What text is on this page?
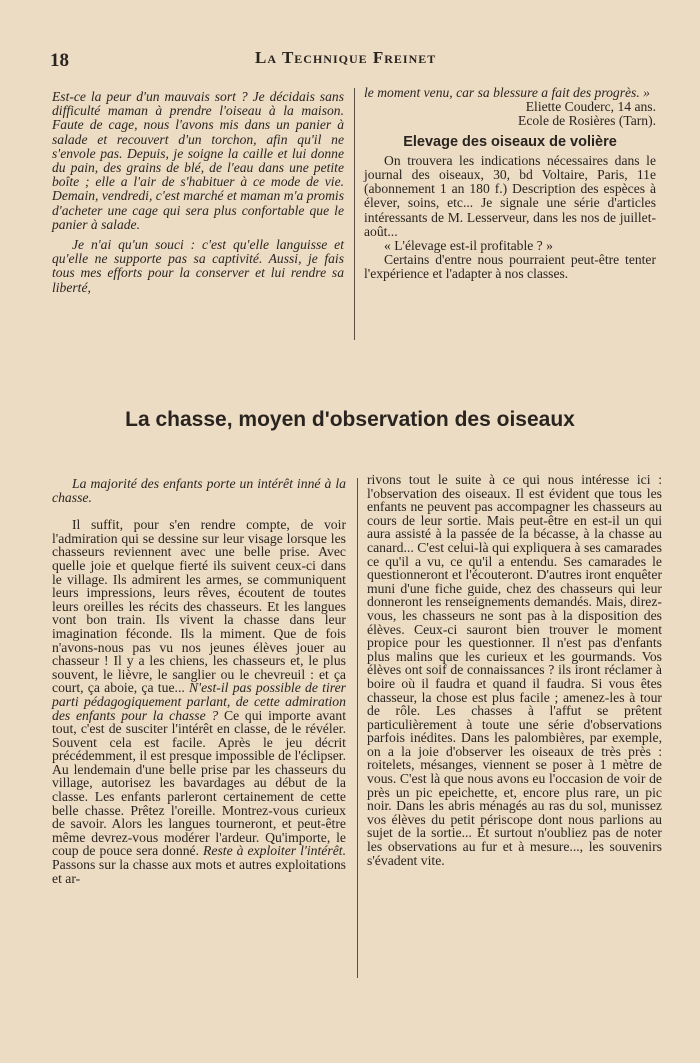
18	La Technique Freinet

Est-ce la peur d'un mauvais sort ? Je décidais sans difficulté maman à prendre l'oiseau à la maison. Faute de cage, nous l'avons mis dans un panier à salade et recouvert d'un torchon, afin qu'il ne s'envole pas. Depuis, je soigne la caille et lui donne du pain, des grains de blé, de l'eau dans une petite boîte ; elle a l'air de s'habituer à ce mode de vie. Demain, vendredi, c'est marché et maman m'a promis d'acheter une cage qui sera plus confortable que le panier à salade.

Je n'ai qu'un souci : c'est qu'elle languisse et qu'elle ne supporte pas sa captivité. Aussi, je fais tous mes efforts pour la conserver et lui rendre sa liberté,

le moment venu, car sa blessure a fait des progrès. »

Eliette Couderc, 14 ans.

Ecole de Rosières (Tarn).

Elevage des oiseaux de volière

On trouvera les indications nécessaires dans le journal des oiseaux, 30, bd Voltaire, Paris, 11e (abonnement 1 an 180 f.) Description des espèces à élever, soins, etc... Je signale une série d'articles intéressants de M. Lesserveur, dans les nos de juillet-août...

« L'élevage est-il profitable ? »

Certains d'entre nous pourraient peut-être tenter l'expérience et l'adapter à nos classes.

La chasse, moyen d'observation des oiseaux

La majorité des enfants porte un intérêt inné à la chasse.

Il suffit, pour s'en rendre compte, de voir l'admiration qui se dessine sur leur visage lorsque les chasseurs reviennent avec une belle prise. Avec quelle joie et quelque fierté ils suivent ceux-ci dans le village. Ils admirent les armes, se communiquent leurs impressions, leurs rêves, écoutent de toutes leurs oreilles les récits des chasseurs. Et les langues vont bon train. Ils vivent la chasse dans leur imagination féconde. Ils la miment. Que de fois n'avons-nous pas vu nos jeunes élèves jouer au chasseur ! Il y a les chiens, les chasseurs et, le plus souvent, le lièvre, le sanglier ou le chevreuil : et ça court, ça aboie, ça tue... N'est-il pas possible de tirer parti pédagogiquement parlant, de cette admiration des enfants pour la chasse ? Ce qui importe avant tout, c'est de susciter l'intérêt en classe, de le révéler. Souvent cela est facile. Après le jeu décrit précédemment, il est presque impossible de l'éclipser. Au lendemain d'une belle prise par les chasseurs du village, autorisez les bavardages au début de la classe. Les enfants parleront certainement de cette belle chasse. Prêtez l'oreille. Montrez-vous curieux de savoir. Alors les langues tourneront, et peut-être même devrez-vous modérer l'ardeur. Qu'importe, le coup de pouce sera donné. Reste à exploiter l'intérêt. Passons sur la chasse aux mots et autres exploitations et ar-

rivons tout le suite à ce qui nous intéresse ici : l'observation des oiseaux. Il est évident que tous les enfants ne peuvent pas accompagner les chasseurs au cours de leur sortie. Mais peut-être en est-il un qui aura assisté à la passée de la bécasse, à la chasse au canard... C'est celui-là qui expliquera à ses camarades ce qu'il a vu, ce qu'il a entendu. Ses camarades le questionneront et l'écouteront. D'autres iront enquêter muni d'une fiche guide, chez des chasseurs qui leur donneront les renseignements demandés. Mais, direz-vous, les chasseurs ne sont pas à la disposition des élèves. Ceux-ci sauront bien trouver le moment propice pour les questionner. Il n'est pas d'enfants plus malins que les curieux et les gourmands. Vos élèves ont soif de connaissances ? ils iront réclamer à boire où il faudra et quand il faudra. Si vous êtes chasseur, la chose est plus facile ; amenez-les à tour de rôle. Les chasses à l'affut se prêtent particulièrement à toute une série d'observations parfois inédites. Dans les palombières, par exemple, on a la joie d'observer les oiseaux de très près : roitelets, mésanges, viennent se poser à 1 mètre de vous. C'est là que nous avons eu l'occasion de voir de près un pic epeichette, et, encore plus rare, un pic noir. Dans les abris ménagés au ras du sol, munissez vos élèves du petit périscope dont nous parlions au sujet de la sortie... Et surtout n'oubliez pas de noter les observations au fur et à mesure..., les souvenirs s'évadent vite.
